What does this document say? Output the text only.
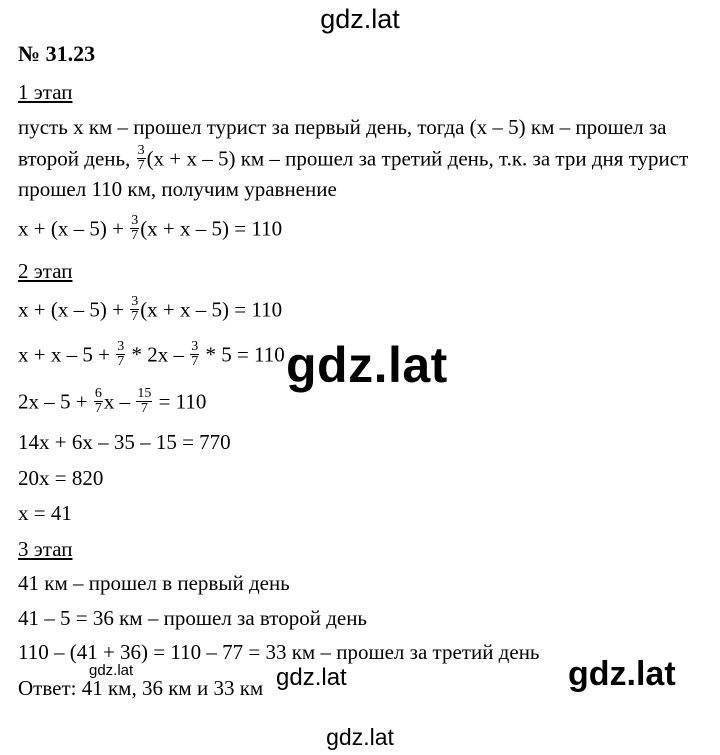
gdz.lat
№ 31.23
1 этап
пусть x км – прошел турист за первый день, тогда (x – 5) км – прошел за
второй день, $\frac{3}{7} (x + x - 5)$ км – прошел за третий день, т.к. за три дня турист
прошел 110 км, получим уравнение
$x + (x - 5) + \frac{3}{7} (x + x - 5) = 110$
2 этап
$x + (x - 5) + \frac{3}{7} (x + x - 5) = 110$
$x + x - 5 + \frac{3}{7} * 2x - \frac{3}{7} * 5 = 110$
$2x - 5 + \frac{6}{7}$ $x - \frac{15}{7} = 110$
14x + 6x – 35 – 15 = 770
20x = 820
x = 41
3 этап
41 км – прошел в первый день
41 – 5 = 36 км – прошел за второй день
110 – (41 + 36) = 110 – 77 = 33 км – прошел за третий день
Ответ: 41 км, 36 км и 33 км
gdz.lat
gdz.lat
gdz.lat
gdz.lat
gdz.lat
